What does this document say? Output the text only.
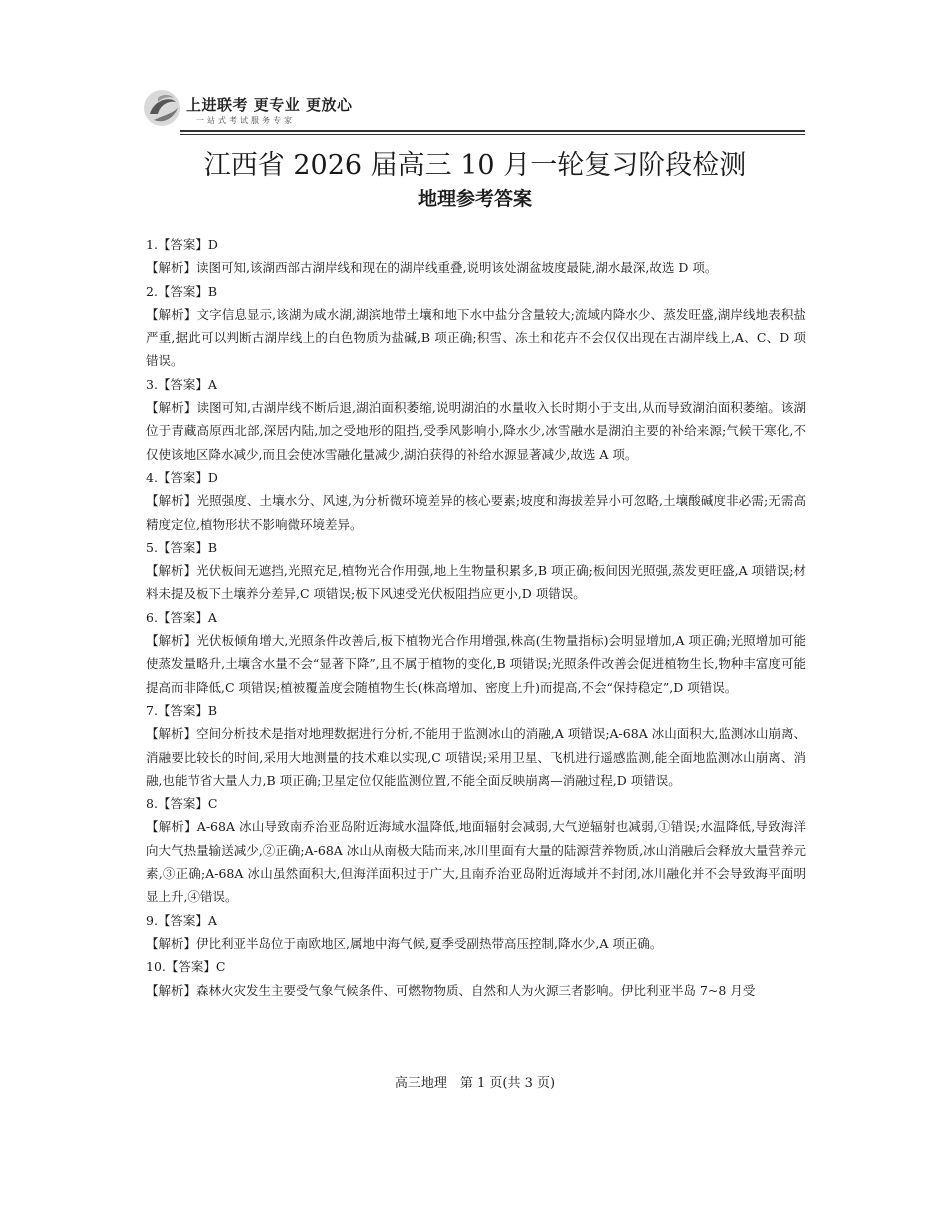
上进联考 更专业 更放心
一站式考试服务专家
江西省 2026 届高三 10 月一轮复习阶段检测
地理参考答案
1.【答案】D
【解析】读图可知,该湖西部古湖岸线和现在的湖岸线重叠,说明该处湖盆坡度最陡,湖水最深,故选 D 项。
2.【答案】B
【解析】文字信息显示,该湖为咸水湖,湖滨地带土壤和地下水中盐分含量较大;流域内降水少、蒸发旺盛,湖岸线地表积盐严重,据此可以判断古湖岸线上的白色物质为盐碱,B 项正确;积雪、冻土和花卉不会仅仅出现在古湖岸线上,A、C、D 项错误。
3.【答案】A
【解析】读图可知,古湖岸线不断后退,湖泊面积萎缩,说明湖泊的水量收入长时期小于支出,从而导致湖泊面积萎缩。该湖位于青藏高原西北部,深居内陆,加之受地形的阻挡,受季风影响小,降水少,冰雪融水是湖泊主要的补给来源;气候干寒化,不仅使该地区降水减少,而且会使冰雪融化量减少,湖泊获得的补给水源显著减少,故选 A 项。
4.【答案】D
【解析】光照强度、土壤水分、风速,为分析微环境差异的核心要素;坡度和海拔差异小可忽略,土壤酸碱度非必需;无需高精度定位,植物形状不影响微环境差异。
5.【答案】B
【解析】光伏板间无遮挡,光照充足,植物光合作用强,地上生物量积累多,B 项正确;板间因光照强,蒸发更旺盛,A 项错误;材料未提及板下土壤养分差异,C 项错误;板下风速受光伏板阻挡应更小,D 项错误。
6.【答案】A
【解析】光伏板倾角增大,光照条件改善后,板下植物光合作用增强,株高(生物量指标)会明显增加,A 项正确;光照增加可能使蒸发量略升,土壤含水量不会“显著下降”,且不属于植物的变化,B 项错误;光照条件改善会促进植物生长,物种丰富度可能提高而非降低,C 项错误;植被覆盖度会随植物生长(株高增加、密度上升)而提高,不会“保持稳定”,D 项错误。
7.【答案】B
【解析】空间分析技术是指对地理数据进行分析,不能用于监测冰山的消融,A 项错误;A-68A 冰山面积大,监测冰山崩离、消融要比较长的时间,采用大地测量的技术难以实现,C 项错误;采用卫星、飞机进行遥感监测,能全面地监测冰山崩离、消融,也能节省大量人力,B 项正确;卫星定位仅能监测位置,不能全面反映崩离—消融过程,D 项错误。
8.【答案】C
【解析】A-68A 冰山导致南乔治亚岛附近海域水温降低,地面辐射会减弱,大气逆辐射也减弱,①错误;水温降低,导致海洋向大气热量输送减少,②正确;A-68A 冰山从南极大陆而来,冰川里面有大量的陆源营养物质,冰山消融后会释放大量营养元素,③正确;A-68A 冰山虽然面积大,但海洋面积过于广大,且南乔治亚岛附近海域并不封闭,冰川融化并不会导致海平面明显上升,④错误。
9.【答案】A
【解析】伊比利亚半岛位于南欧地区,属地中海气候,夏季受副热带高压控制,降水少,A 项正确。
10.【答案】C
【解析】森林火灾发生主要受气象气候条件、可燃物物质、自然和人为火源三者影响。伊比利亚半岛 7~8 月受
高三地理　第 1 页(共 3 页)
